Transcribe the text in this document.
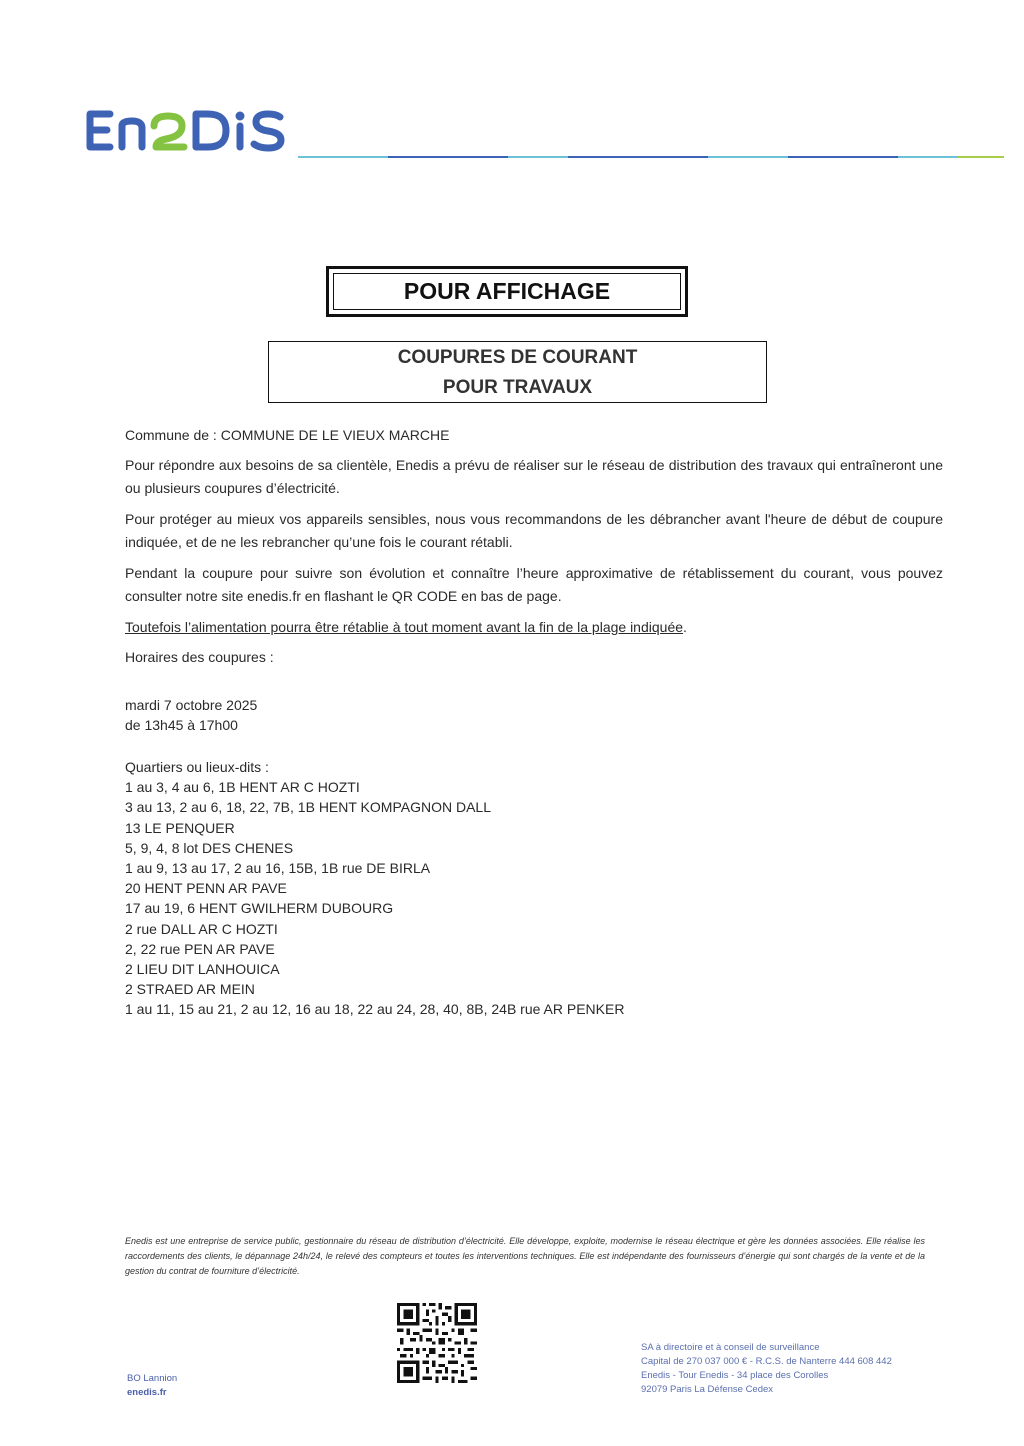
POUR AFFICHAGE
COUPURES DE COURANT
POUR TRAVAUX

Commune de : COMMUNE DE LE VIEUX MARCHE

Pour répondre aux besoins de sa clientèle, Enedis a prévu de réaliser sur le réseau de distribution des travaux qui entraîneront une ou plusieurs coupures d’électricité.

Pour protéger au mieux vos appareils sensibles, nous vous recommandons de les débrancher avant l'heure de début de coupure indiquée, et de ne les rebrancher qu’une fois le courant rétabli.

Pendant la coupure pour suivre son évolution et connaître l’heure approximative de rétablissement du courant, vous pouvez consulter notre site enedis.fr en flashant le QR CODE en bas de page.

Toutefois l’alimentation pourra être rétablie à tout moment avant la fin de la plage indiquée.

Horaires des coupures :

mardi 7 octobre 2025
de 13h45 à 17h00
Quartiers ou lieux-dits :
1 au 3, 4 au 6, 1B HENT AR C HOZTI
3 au 13, 2 au 6, 18, 22, 7B, 1B HENT KOMPAGNON DALL
13 LE PENQUER
5, 9, 4, 8 lot DES CHENES
1 au 9, 13 au 17, 2 au 16, 15B, 1B rue DE BIRLA
20 HENT PENN AR PAVE
17 au 19, 6 HENT GWILHERM DUBOURG
2 rue DALL AR C HOZTI
2, 22 rue PEN AR PAVE
2 LIEU DIT LANHOUICA
2 STRAED AR MEIN
1 au 11, 15 au 21, 2 au 12, 16 au 18, 22 au 24, 28, 40, 8B, 24B rue AR PENKER
Enedis est une entreprise de service public, gestionnaire du réseau de distribution d’électricité. Elle développe, exploite, modernise le réseau électrique et gère les données associées. Elle réalise les raccordements des clients, le dépannage 24h/24, le relevé des compteurs et toutes les interventions techniques. Elle est indépendante des fournisseurs d’énergie qui sont chargés de la vente et de la gestion du contrat de fourniture d’électricité.
BO Lannion
enedis.fr
SA à directoire et à conseil de surveillance
Capital de 270 037 000 € - R.C.S. de Nanterre 444 608 442
Enedis - Tour Enedis - 34 place des Corolles
92079 Paris La Défense Cedex
